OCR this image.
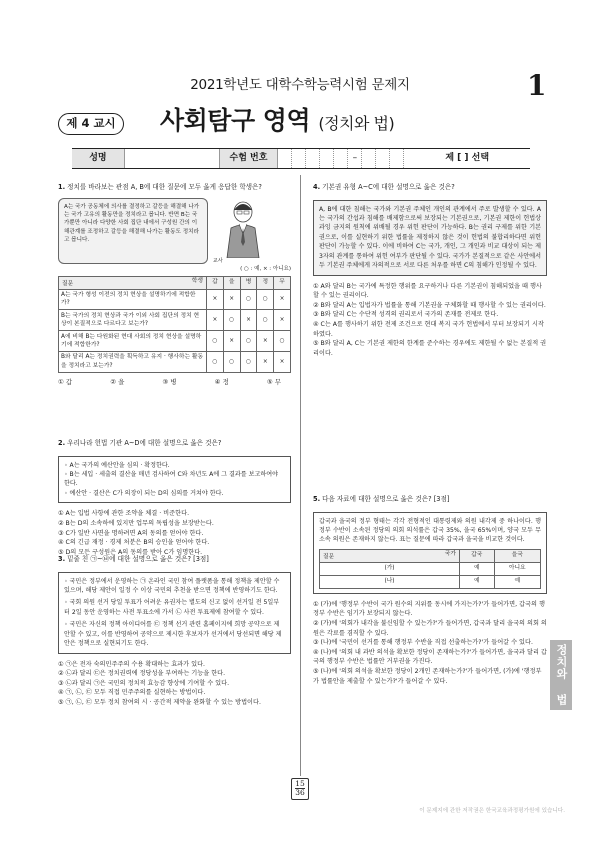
2021학년도 대학수학능력시험 문제지	1
제 4 교시	사회탐구 영역 (정치와 법)
성명	수험 번호	–	제 [ ] 선택
1. 정치를 바라보는 관점 A, B에 대한 질문에 모두 옳게 응답한 학생은?
A는 국가 공동체에 의사를 결정하고 갈등을 해결해 나가는 국가 고유의 활동만을 정치라고 봅니다. 반면 B는 국가뿐만 아니라 다양한 사회 집단 내에서 구성원 간의 이해관계를 조정하고 갈등을 해결해 나가는 활동도 정치라고 봅니다.
교사
( ○ : 예, × : 아니요)
학생
질문	갑	을	병	정	무
A는 국가 형성 이전의 정치 현상을 설명하기에 적합한가?	×	×	○	○	×
B는 국가의 정치 현상과 국가 이외 사회 집단의 정치 현상이 본질적으로 다르다고 보는가?	×	○	×	○	×
A에 비해 B는 다원화된 현대 사회의 정치 현상을 설명하기에 적합한가?	○	×	○	×	○
B와 달리 A는 정치권력을 획득하고 유지 · 행사하는 활동을 정치라고 보는가?	○	○	○	×	×
① 갑	② 을	③ 병	④ 정	⑤ 무
2. 우리나라 헌법 기관 A~D에 대한 설명으로 옳은 것은?
◦ A는 국가의 예산안을 심의 · 확정한다.
◦ B는 세입 · 세출의 결산을 매년 검사하여 C와 차년도 A에 그 결과를 보고하여야 한다.
◦ 예산안 · 결산은 C가 의장이 되는 D의 심의를 거쳐야 한다.
① A는 입법 사항에 관한 조약을 체결 · 비준한다.
② B는 D의 소속하에 있지만 업무의 독립성을 보장받는다.
③ C가 일반 사면을 명하려면 A의 동의를 얻어야 한다.
④ C의 긴급 재정 · 경제 처분은 B의 승인을 얻어야 한다.
⑤ D의 모든 구성원은 A의 동의를 받아 C가 임명한다.
3. 밑줄 친 ㉠~㉥에 대한 설명으로 옳은 것은? [3점]
◦ 국민은 정부에서 운영하는 ㉠ 온라인 국민 참여 플랫폼을 통해 정책을 제안할 수 있으며, 해당 제안이 일정 수 이상 국민의 추천을 받으면 정책에 반영하기도 한다.
◦ 국회 의원 선거 당일 투표가 어려운 유권자는 별도의 신고 없이 선거일 전 5일부터 2일 동안 운영하는 사전 투표소에 가서 ㉡ 사전 투표제에 참여할 수 있다.
◦ 국민은 자신의 정책 아이디어를 ㉢ 정책 선거 관련 홈페이지에 희망 공약으로 제안할 수 있고, 이를 반영하여 공약으로 제시한 후보자가 선거에서 당선되면 해당 제안은 정책으로 실현되기도 한다.
① ㉠은 전자 숙의민주주의 수용 확대하는 효과가 있다.
② ㉡과 달리 ㉢은 정치권력에 정당성을 부여하는 기능을 한다.
③ ㉡과 달리 ㉠은 국민의 정치적 효능감 향상에 기여할 수 있다.
④ ㉠, ㉡, ㉢ 모두 직접 민주주의를 실현하는 방법이다.
⑤ ㉠, ㉡, ㉢ 모두 정치 참여의 시 · 공간적 제약을 완화할 수 있는 방법이다.
4. 기본권 유형 A~C에 대한 설명으로 옳은 것은?
A, B에 대한 침해는 국가와 기본권 주체인 개인의 관계에서 주로 발생할 수 있다. A는 국가의 간섭과 침해를 배제함으로써 보장되는 기본권으로, 기본권 제한이 헌법상 과잉 금지의 원칙에 위배될 경우 위헌 판단이 가능하다. B는 권리 구제를 위한 기본권으로, 이를 실현하기 위한 법률을 제정하지 않은 것이 헌법의 불합리하다면 위헌 판단이 가능할 수 있다. 이에 비하여 C는 국가, 개인, 그 개인과 비교 대상이 되는 제3자의 관계를 통하여 위헌 여부가 판단될 수 있다. 국가가 본질적으로 같은 사안에서 두 기본권 주체에게 자의적으로 서로 다른 처우를 하면 C의 침해가 인정될 수 있다.
① A와 달리 B는 국가에 특정한 행위를 요구하거나 다른 기본권이 침해되었을 때 행사할 수 있는 권리이다.
② B와 달리 A는 입법자가 법률을 통해 기본권을 구체화할 때 행사할 수 있는 권리이다.
③ B와 달리 C는 수단적 성격의 권리로서 국가의 존재를 전제로 한다.
④ C는 A를 행사하기 위한 전제 조건으로 현대 복지 국가 헌법에서 부터 보장되기 시작하였다.
⑤ B와 달리 A, C는 기본권 제한의 한계를 준수하는 경우에도 제한될 수 없는 본질적 권리이다.
5. 다음 자료에 대한 설명으로 옳은 것은? [3점]
갑국과 을국의 정부 형태는 각각 전형적인 대통령제와 의원 내각제 중 하나이다. 행정부 수반이 소속된 정당의 의회 의석률은 갑국 35%, 을국 65%이며, 양국 모두 무소속 의원은 존재하지 않는다. 표는 질문에 따라 갑국과 을국을 비교한 것이다.
국가
질문	갑국	을국
(가)	예	아니요
(나)	예	예
① (가)에 '행정부 수반이 국가 원수의 지위를 동시에 가지는가?'가 들어가면, 갑국의 행정부 수반은 임기가 보장되지 않는다.
② (가)에 '의회가 내각을 불신임할 수 있는가?'가 들어가면, 갑국과 달리 을국의 의회 의원은 각료를 겸직할 수 있다.
③ (나)에 '국민이 선거를 통해 행정부 수반을 직접 선출하는가?'가 들어갈 수 있다.
④ (나)에 '의회 내 과반 의석을 확보한 정당이 존재하는가?'가 들어가면, 을국과 달리 갑국의 행정부 수반은 법률안 거부권을 가진다.
⑤ (나)에 '의회 의석을 확보한 정당이 2개인 존재하는가?'가 들어가면, (가)에 '행정부가 법률안을 제출할 수 있는가?'가 들어갈 수 있다.	정치와 법
$\frac{15}{36}$
이 문제지에 관한 저작권은 한국교육과정평가원에 있습니다.
